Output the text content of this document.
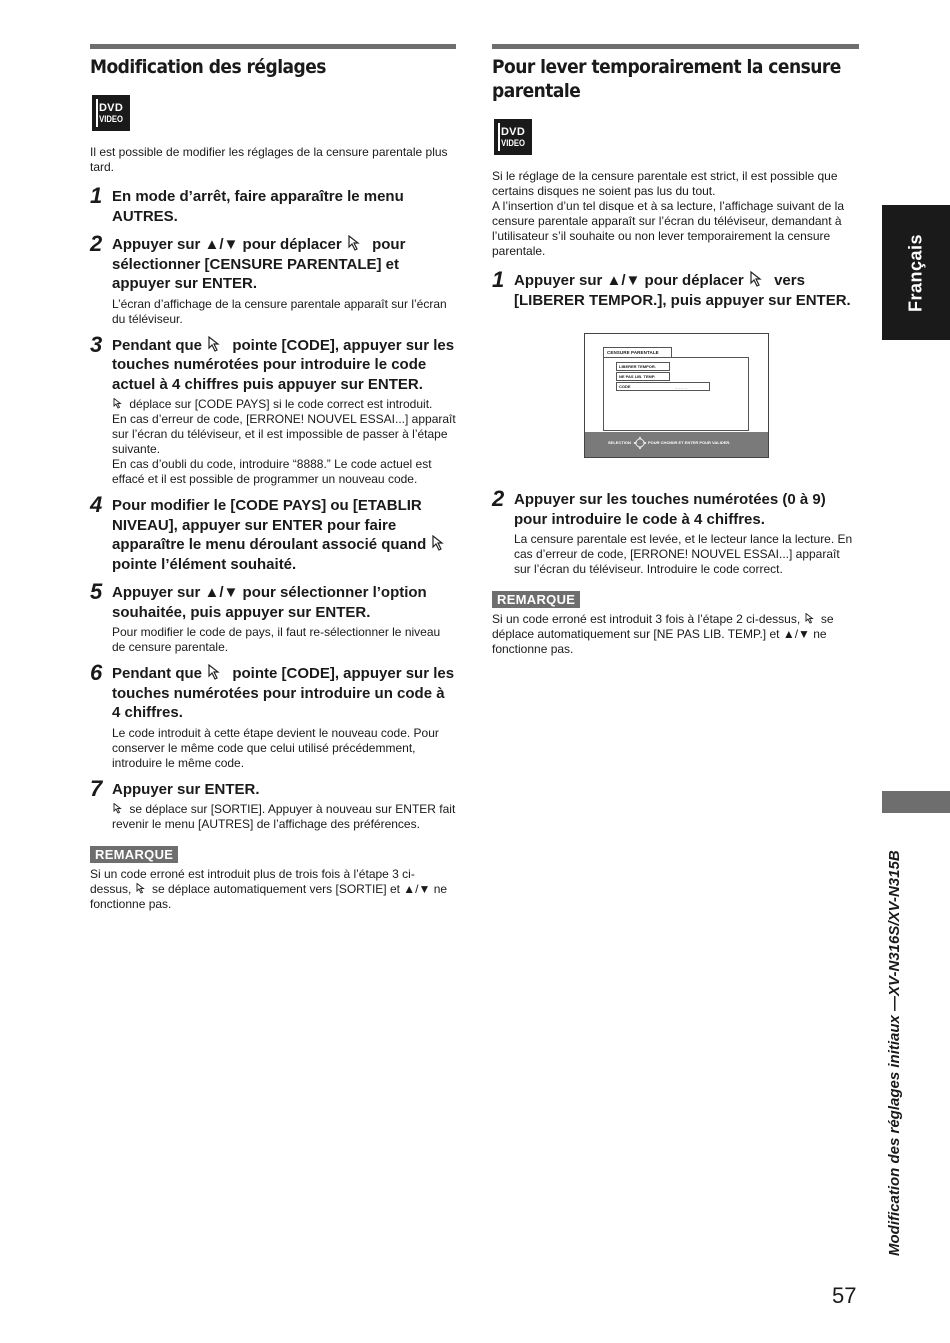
Modification des réglages
DVD
VIDEO

Il est possible de modifier les réglages de la censure parentale plus tard.

1 En mode d’arrêt, faire apparaître le menu AUTRES.
2 Appuyer sur ▲/▼ pour déplacer pour sélectionner [CENSURE PARENTALE] et appuyer sur ENTER.
L’écran d’affichage de la censure parentale apparaît sur l’écran du téléviseur.
3 Pendant que pointe [CODE], appuyer sur les touches numérotées pour introduire le code actuel à 4 chiffres puis appuyer sur ENTER.
déplace sur [CODE PAYS] si le code correct est introduit.
En cas d’erreur de code, [ERRONE! NOUVEL ESSAI...] apparaît sur l’écran du téléviseur, et il est impossible de passer à l’étape suivante.
En cas d’oubli du code, introduire “8888.” Le code actuel est effacé et il est possible de programmer un nouveau code.
4 Pour modifier le [CODE PAYS] ou [ETABLIR NIVEAU], appuyer sur ENTER pour faire apparaître le menu déroulant associé quand  pointe l’élément souhaité.
5 Appuyer sur ▲/▼ pour sélectionner l’option souhaitée, puis appuyer sur ENTER.
Pour modifier le code de pays, il faut re-sélectionner le niveau de censure parentale.
6 Pendant que pointe [CODE], appuyer sur les touches numérotées pour introduire un code à 4 chiffres.
Le code introduit à cette étape devient le nouveau code. Pour conserver le même code que celui utilisé précédemment, introduire le même code.
7 Appuyer sur ENTER.
se déplace sur [SORTIE]. Appuyer à nouveau sur ENTER fait revenir le menu [AUTRES] de l’affichage des préférences.
REMARQUE

Si un code erroné est introduit plus de trois fois à l’étape 3 ci-dessus, se déplace automatiquement vers [SORTIE] et ▲/▼ ne fonctionne pas.

Pour lever temporairement la censure parentale
DVD
VIDEO

Si le réglage de la censure parentale est strict, il est possible que certains disques ne soient pas lus du tout.
A l’insertion d’un tel disque et à sa lecture, l’affichage suivant de la censure parentale apparaît sur l’écran du téléviseur, demandant à l’utilisateur s’il souhaite ou non lever temporairement la censure parentale.

1 Appuyer sur ▲/▼ pour déplacer vers [LIBERER TEMPOR.], puis appuyer sur ENTER.
2 Appuyer sur les touches numérotées (0 à 9) pour introduire le code à 4 chiffres.
La censure parentale est levée, et le lecteur lance la lecture. En cas d’erreur de code, [ERRONE! NOUVEL ESSAI...] apparaît sur l’écran du téléviseur. Introduire le code correct.
REMARQUE

Si un code erroné est introduit 3 fois à l’étape 2 ci-dessus, se déplace automatiquement sur [NE PAS LIB. TEMP.] et ▲/▼ ne fonctionne pas.

CENSURE PARENTALE
LIBERER TEMPOR.
NE PAS LIB. TEMP.
CODE	_ _ _ _
SELECTION	POUR CHOISIR ET ENTER POUR VALIDER.
Français
Modification des réglages initiaux —XV-N316S/XV-N315B
57
